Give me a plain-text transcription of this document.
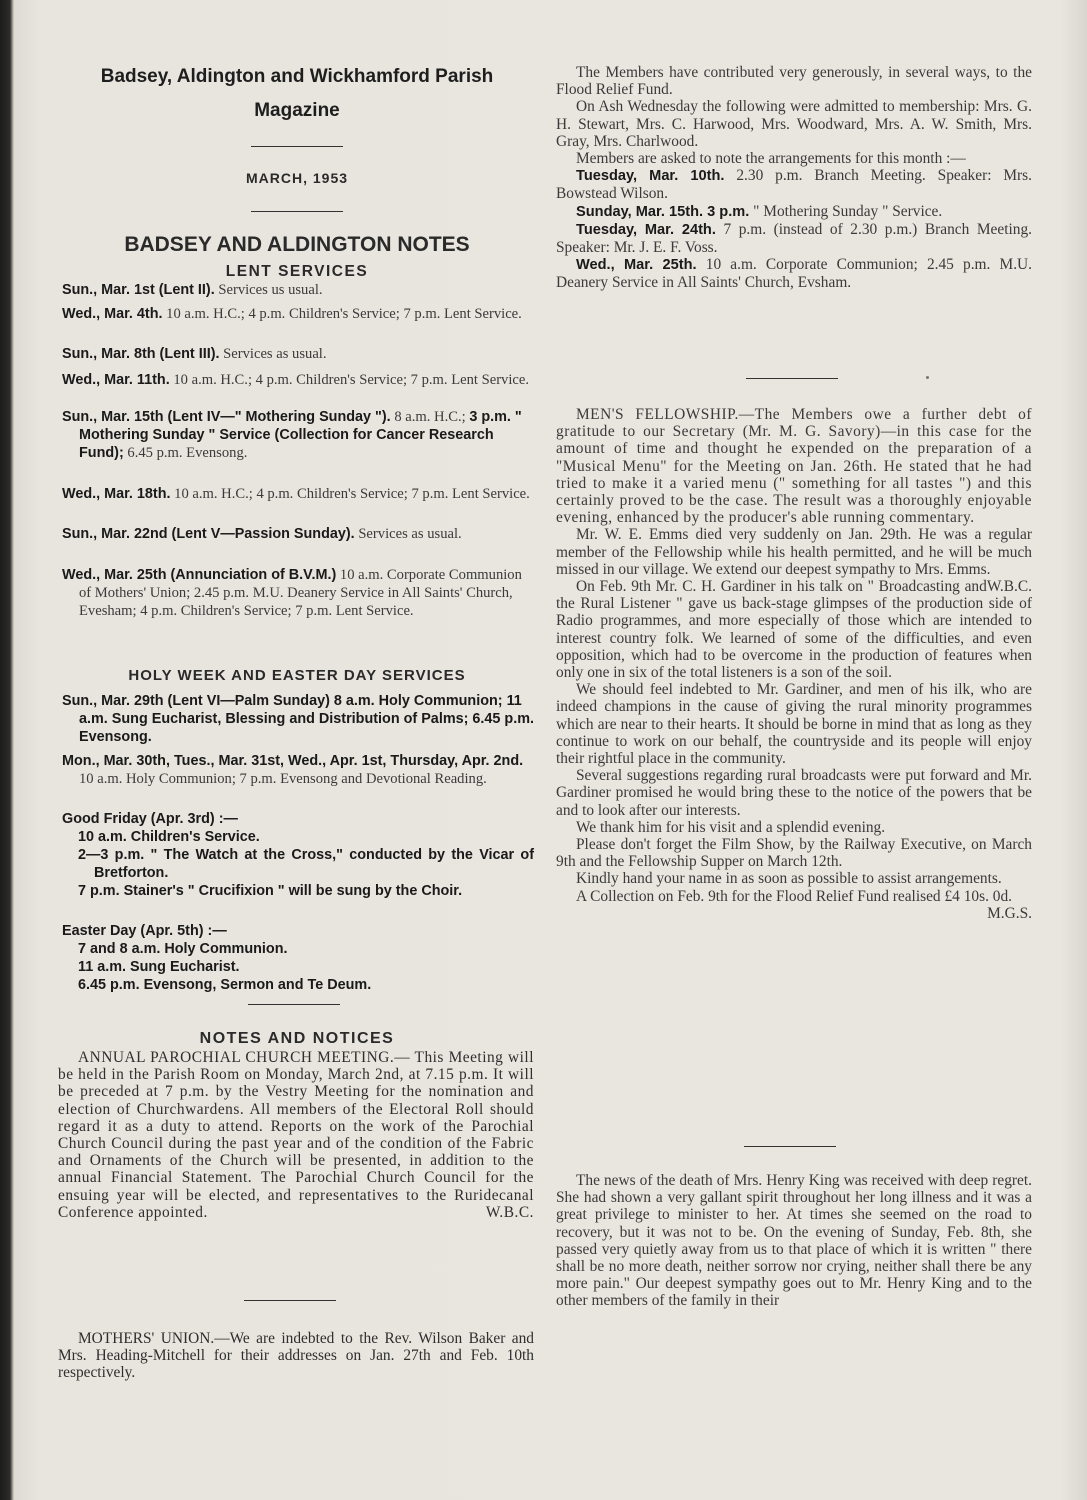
Badsey, Aldington and Wickhamford Parish
Magazine
MARCH, 1953
BADSEY AND ALDINGTON NOTES
LENT SERVICES
Sun., Mar. 1st (Lent II). Services us usual.
Wed., Mar. 4th. 10 a.m. H.C.; 4 p.m. Children's Service; 7 p.m. Lent Service.
Sun., Mar. 8th (Lent III). Services as usual.
Wed., Mar. 11th. 10 a.m. H.C.; 4 p.m. Children's Service; 7 p.m. Lent Service.
Sun., Mar. 15th (Lent IV—" Mothering Sunday "). 8 a.m. H.C.; 3 p.m. " Mothering Sunday " Service (Collection for Cancer Research Fund); 6.45 p.m. Evensong.
Wed., Mar. 18th. 10 a.m. H.C.; 4 p.m. Children's Service; 7 p.m. Lent Service.
Sun., Mar. 22nd (Lent V—Passion Sunday). Services as usual.
Wed., Mar. 25th (Annunciation of B.V.M.) 10 a.m. Corporate Communion of Mothers' Union; 2.45 p.m. M.U. Deanery Service in All Saints' Church, Evesham; 4 p.m. Children's Service; 7 p.m. Lent Service.
HOLY WEEK AND EASTER DAY SERVICES
Sun., Mar. 29th (Lent VI—Palm Sunday) 8 a.m. Holy Communion; 11 a.m. Sung Eucharist, Blessing and Distribution of Palms; 6.45 p.m. Evensong.
Mon., Mar. 30th, Tues., Mar. 31st, Wed., Apr. 1st, Thursday, Apr. 2nd. 10 a.m. Holy Communion; 7 p.m. Evensong and Devotional Reading.
Good Friday (Apr. 3rd) :—
10 a.m. Children's Service.
2—3 p.m. " The Watch at the Cross," conducted by the Vicar of Bretforton.
7 p.m. Stainer's " Crucifixion " will be sung by the Choir.
Easter Day (Apr. 5th) :—
7 and 8 a.m. Holy Communion.
11 a.m. Sung Eucharist.
6.45 p.m. Evensong, Sermon and Te Deum.
NOTES AND NOTICES
ANNUAL PAROCHIAL CHURCH MEETING.— This Meeting will be held in the Parish Room on Monday, March 2nd, at 7.15 p.m. It will be preceded at 7 p.m. by the Vestry Meeting for the nomination and election of Churchwardens. All members of the Electoral Roll should regard it as a duty to attend. Reports on the work of the Parochial Church Council during the past year and of the condition of the Fabric and Ornaments of the Church will be presented, in addition to the annual Financial Statement. The Parochial Church Council for the ensuing year will be elected, and representatives to the Ruridecanal Conference appointed.	W.B.C.
MOTHERS' UNION.—We are indebted to the Rev. Wilson Baker and Mrs. Heading-Mitchell for their addresses on Jan. 27th and Feb. 10th respectively.

The Members have contributed very generously, in several ways, to the Flood Relief Fund.

On Ash Wednesday the following were admitted to membership: Mrs. G. H. Stewart, Mrs. C. Harwood, Mrs. Woodward, Mrs. A. W. Smith, Mrs. Gray, Mrs. Charlwood.

Members are asked to note the arrangements for this month :—

Tuesday, Mar. 10th. 2.30 p.m. Branch Meeting. Speaker: Mrs. Bowstead Wilson.

Sunday, Mar. 15th. 3 p.m. " Mothering Sunday " Service.

Tuesday, Mar. 24th. 7 p.m. (instead of 2.30 p.m.) Branch Meeting. Speaker: Mr. J. E. F. Voss.

Wed., Mar. 25th. 10 a.m. Corporate Communion; 2.45 p.m. M.U. Deanery Service in All Saints' Church, Evsham.

MEN'S FELLOWSHIP.—The Members owe a further debt of gratitude to our Secretary (Mr. M. G. Savory)—in this case for the amount of time and thought he expended on the preparation of a "Musical Menu" for the Meeting on Jan. 26th. He stated that he had tried to make it a varied menu (" something for all tastes ") and this certainly proved to be the case. The result was a thoroughly enjoyable evening, enhanced by the producer's able running commentary.

Mr. W. E. Emms died very suddenly on Jan. 29th. He was a regular member of the Fellowship while his health permitted, and he will be much missed in our village. We extend our deepest sympathy to Mrs. Emms.
W.B.C.

On Feb. 9th Mr. C. H. Gardiner in his talk on " Broadcasting and the Rural Listener " gave us back-stage glimpses of the production side of Radio programmes, and more especially of those which are intended to interest country folk. We learned of some of the difficulties, and even opposition, which had to be overcome in the production of features when only one in six of the total listeners is a son of the soil.

We should feel indebted to Mr. Gardiner, and men of his ilk, who are indeed champions in the cause of giving the rural minority programmes which are near to their hearts. It should be borne in mind that as long as they continue to work on our behalf, the countryside and its people will enjoy their rightful place in the community.

Several suggestions regarding rural broadcasts were put forward and Mr. Gardiner promised he would bring these to the notice of the powers that be and to look after our interests.

We thank him for his visit and a splendid evening.

Please don't forget the Film Show, by the Railway Executive, on March 9th and the Fellowship Supper on March 12th.

Kindly hand your name in as soon as possible to assist arrangements.

A Collection on Feb. 9th for the Flood Relief Fund realised £4 10s. 0d.
M.G.S.

The news of the death of Mrs. Henry King was received with deep regret. She had shown a very gallant spirit throughout her long illness and it was a great privilege to minister to her. At times she seemed on the road to recovery, but it was not to be. On the evening of Sunday, Feb. 8th, she passed very quietly away from us to that place of which it is written " there shall be no more death, neither sorrow nor crying, neither shall there be any more pain." Our deepest sympathy goes out to Mr. Henry King and to the other members of the family in their
